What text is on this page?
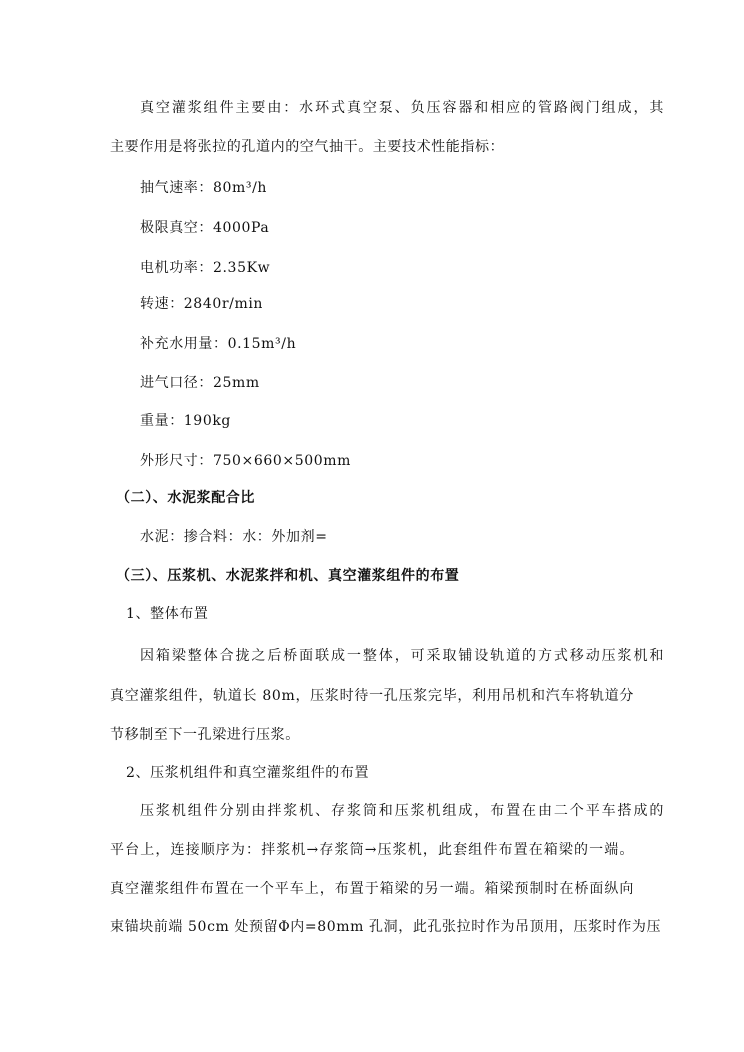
真空灌浆组件主要由：水环式真空泵、负压容器和相应的管路阀门组成，其
主要作用是将张拉的孔道内的空气抽干。主要技术性能指标：
抽气速率：80m³/h
极限真空：4000Pa
电机功率：2.35Kw
转速：2840r/min
补充水用量：0.15m³/h
进气口径：25mm
重量：190kg
外形尺寸：750×660×500mm
（二）、水泥浆配合比
水泥：掺合料：水：外加剂=
（三）、压浆机、水泥浆拌和机、真空灌浆组件的布置
1、整体布置
因箱梁整体合拢之后桥面联成一整体，可采取铺设轨道的方式移动压浆机和
真空灌浆组件，轨道长 80m，压浆时待一孔压浆完毕，利用吊机和汽车将轨道分
节移制至下一孔梁进行压浆。
2、压浆机组件和真空灌浆组件的布置
压浆机组件分别由拌浆机、存浆筒和压浆机组成，布置在由二个平车搭成的
平台上，连接顺序为：拌浆机→存浆筒→压浆机，此套组件布置在箱梁的一端。
真空灌浆组件布置在一个平车上，布置于箱梁的另一端。箱梁预制时在桥面纵向
束锚块前端 50cm 处预留Φ内=80mm 孔洞，此孔张拉时作为吊顶用，压浆时作为压
